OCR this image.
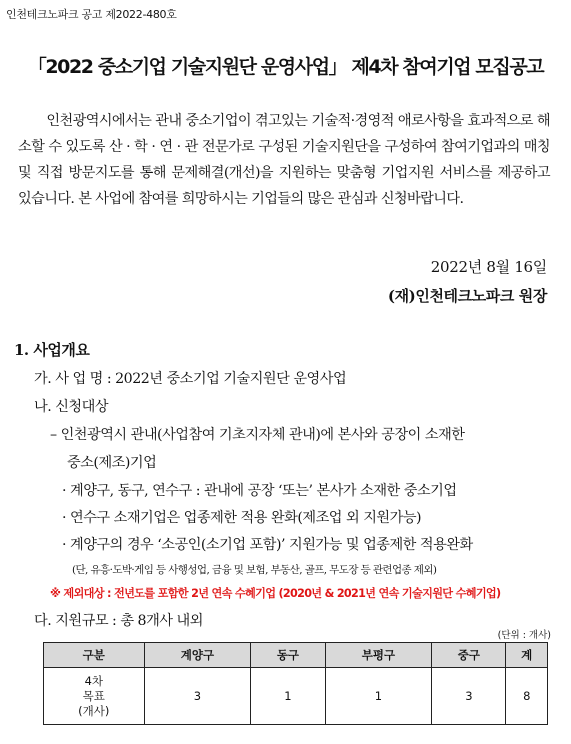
인천테크노파크 공고 제2022-480호
「2022 중소기업 기술지원단 운영사업」 제4차 참여기업 모집공고

인천광역시에서는 관내 중소기업이 겪고있는 기술적·경영적 애로사항을 효과적으로 해소할 수 있도록 산 · 학 · 연 · 관 전문가로 구성된 기술지원단을 구성하여 참여기업과의 매칭 및 직접 방문지도를 통해 문제해결(개선)을 지원하는 맞춤형 기업지원 서비스를 제공하고 있습니다. 본 사업에 참여를 희망하시는 기업들의 많은 관심과 신청바랍니다.

2022년 8월 16일
(재)인천테크노파크 원장
1. 사업개요
가. 사 업 명 : 2022년 중소기업 기술지원단 운영사업
나. 신청대상
– 인천광역시 관내(사업참여 기초지자체 관내)에 본사와 공장이 소재한
중소(제조)기업
· 계양구, 동구, 연수구 : 관내에 공장 ‘또는’ 본사가 소재한 중소기업
· 연수구 소재기업은 업종제한 적용 완화(제조업 외 지원가능)
· 계양구의 경우 ‘소공인(소기업 포함)’ 지원가능 및 업종제한 적용완화
(단, 유흥·도박·게임 등 사행성업, 금융 및 보험, 부동산, 골프, 무도장 등 관련업종 제외)
※ 제외대상 : 전년도를 포함한 2년 연속 수혜기업 (2020년 & 2021년 연속 기술지원단 수혜기업)
다. 지원규모 : 총 8개사 내외
(단위 : 개사)
구분	계양구	동구	부평구	중구	계

4차
목표
(개사)	3	1	1	3	8
